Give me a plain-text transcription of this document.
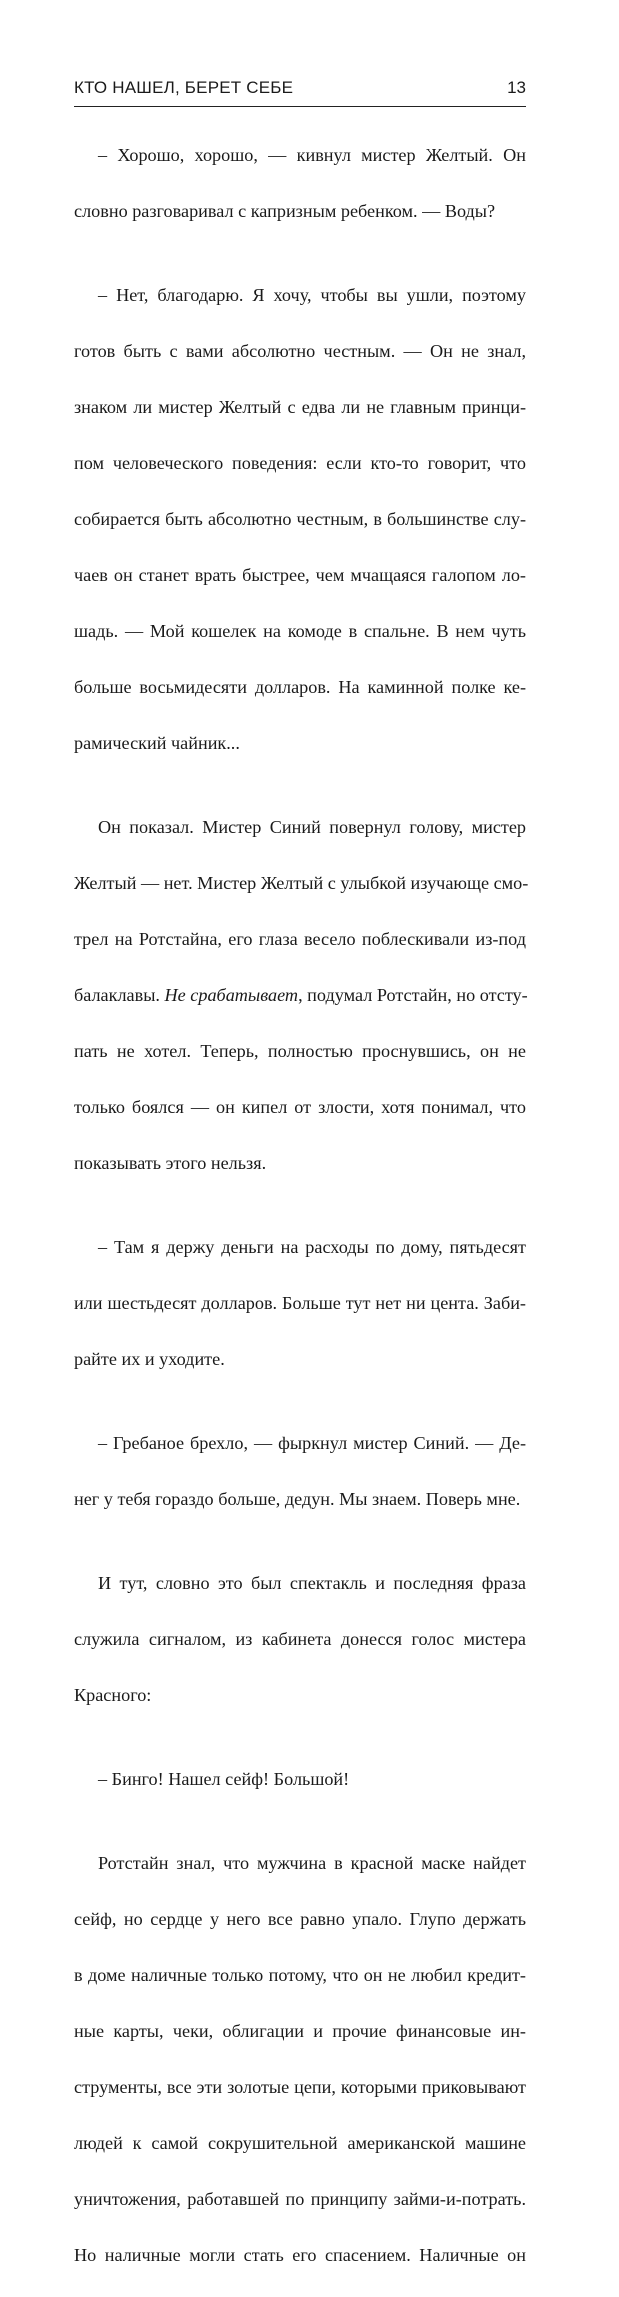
КТО НАШЕЛ, БЕРЕТ СЕБЕ	13

– Хорошо, хорошо, — кивнул мистер Желтый. Он

словно разговаривал с капризным ребенком. — Воды?

– Нет, благодарю. Я хочу, чтобы вы ушли, поэтому

готов быть с вами абсолютно честным. — Он не знал,

знаком ли мистер Желтый с едва ли не главным принци-

пом человеческого поведения: если кто-то говорит, что

собирается быть абсолютно честным, в большинстве слу-

чаев он станет врать быстрее, чем мчащаяся галопом ло-

шадь. — Мой кошелек на комоде в спальне. В нем чуть

больше восьмидесяти долларов. На каминной полке ке-

рамический чайник...

Он показал. Мистер Синий повернул голову, мистер

Желтый — нет. Мистер Желтый с улыбкой изучающе смо-

трел на Ротстайна, его глаза весело поблескивали из-под

балаклавы. Не срабатывает, подумал Ротстайн, но отсту-

пать не хотел. Теперь, полностью проснувшись, он не

только боялся — он кипел от злости, хотя понимал, что

показывать этого нельзя.

– Там я держу деньги на расходы по дому, пятьдесят

или шестьдесят долларов. Больше тут нет ни цента. Заби-

райте их и уходите.

– Гребаное брехло, — фыркнул мистер Синий. — Де-

нег у тебя гораздо больше, дедун. Мы знаем. Поверь мне.

И тут, словно это был спектакль и последняя фраза

служила сигналом, из кабинета донесся голос мистера

Красного:

– Бинго! Нашел сейф! Большой!

Ротстайн знал, что мужчина в красной маске найдет

сейф, но сердце у него все равно упало. Глупо держать

в доме наличные только потому, что он не любил кредит-

ные карты, чеки, облигации и прочие финансовые ин-

струменты, все эти золотые цепи, которыми приковывают

людей к самой сокрушительной американской машине

уничтожения, работавшей по принципу займи-и-потрать.

Но наличные могли стать его спасением. Наличные он
